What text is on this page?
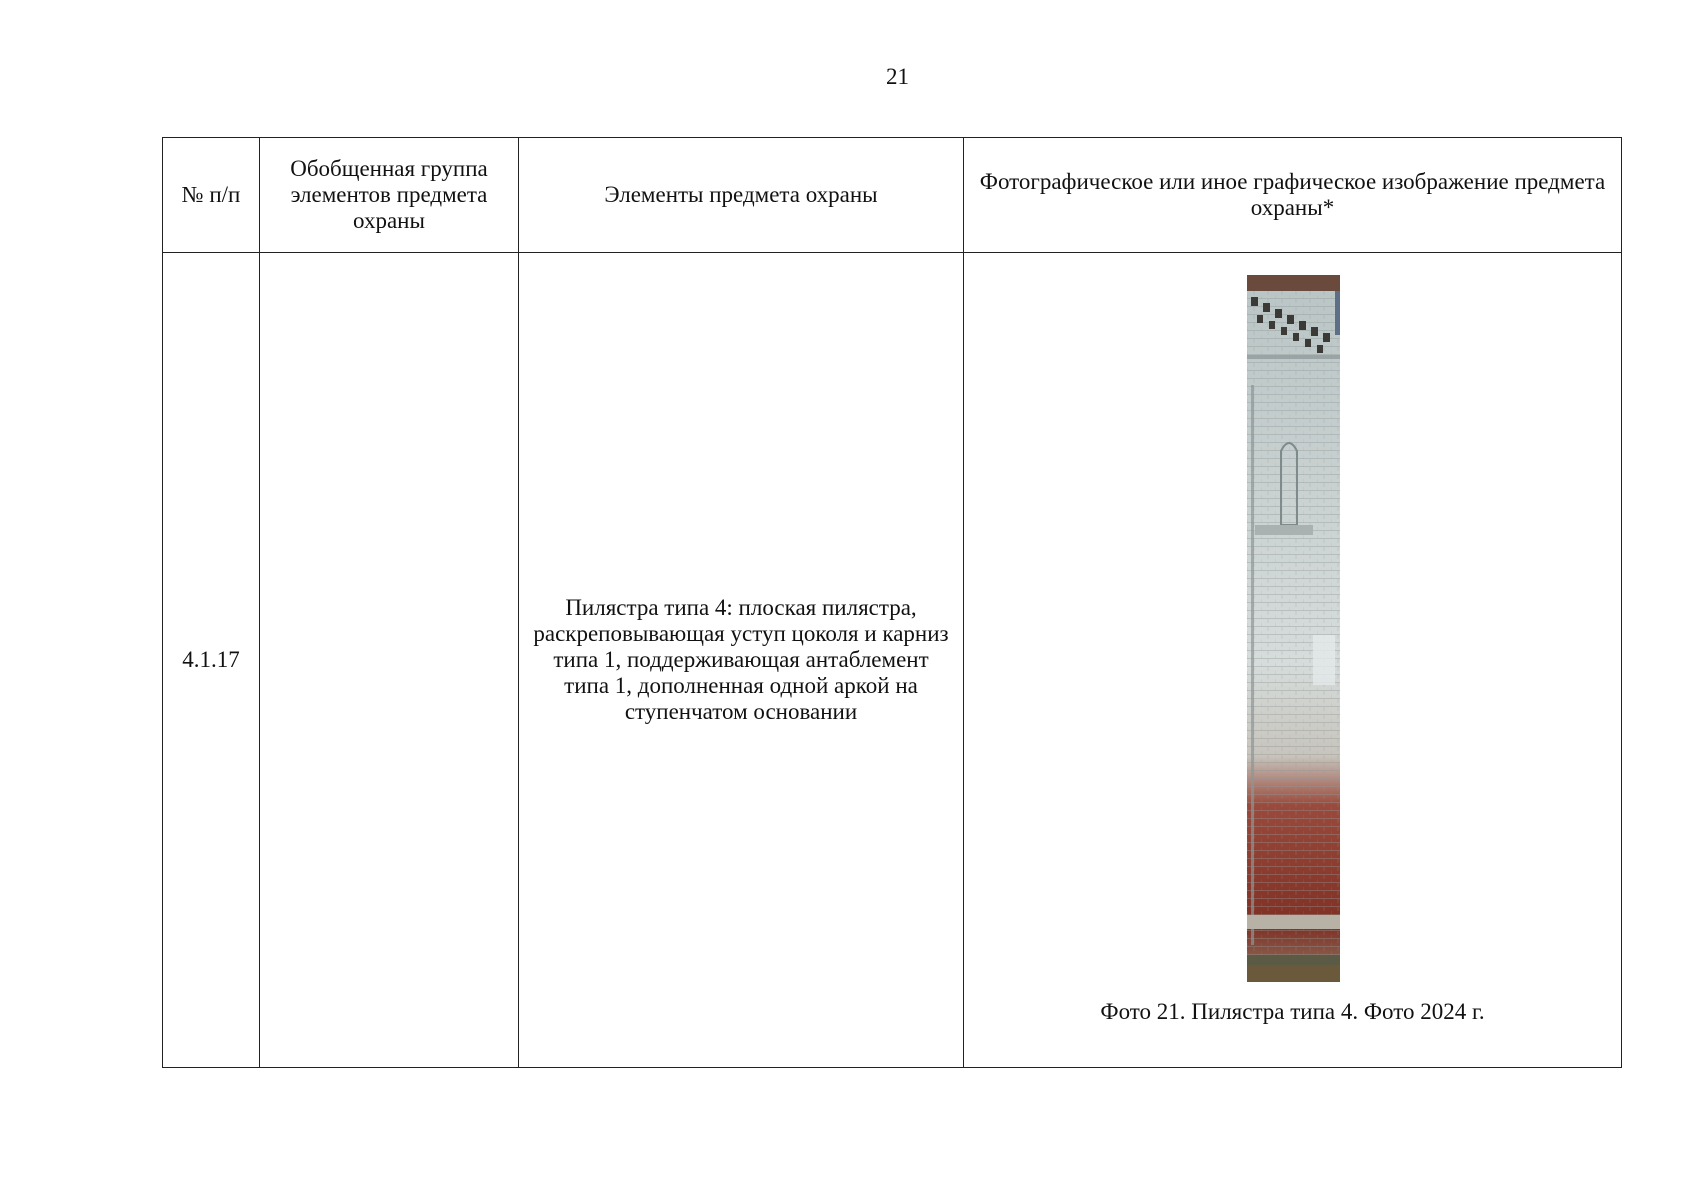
21
№ п/п	Обобщенная группа элементов предмета охраны	Элементы предмета охраны	Фотографическое или иное графическое изображение предмета охраны*
4.1.17		Пилястра типа 4: плоская пилястра, раскреповывающая уступ цоколя и карниз типа 1, поддерживающая антаблемент типа 1, дополненная одной аркой на ступенчатом основании	Фото 21. Пилястра типа 4. Фото 2024 г.
